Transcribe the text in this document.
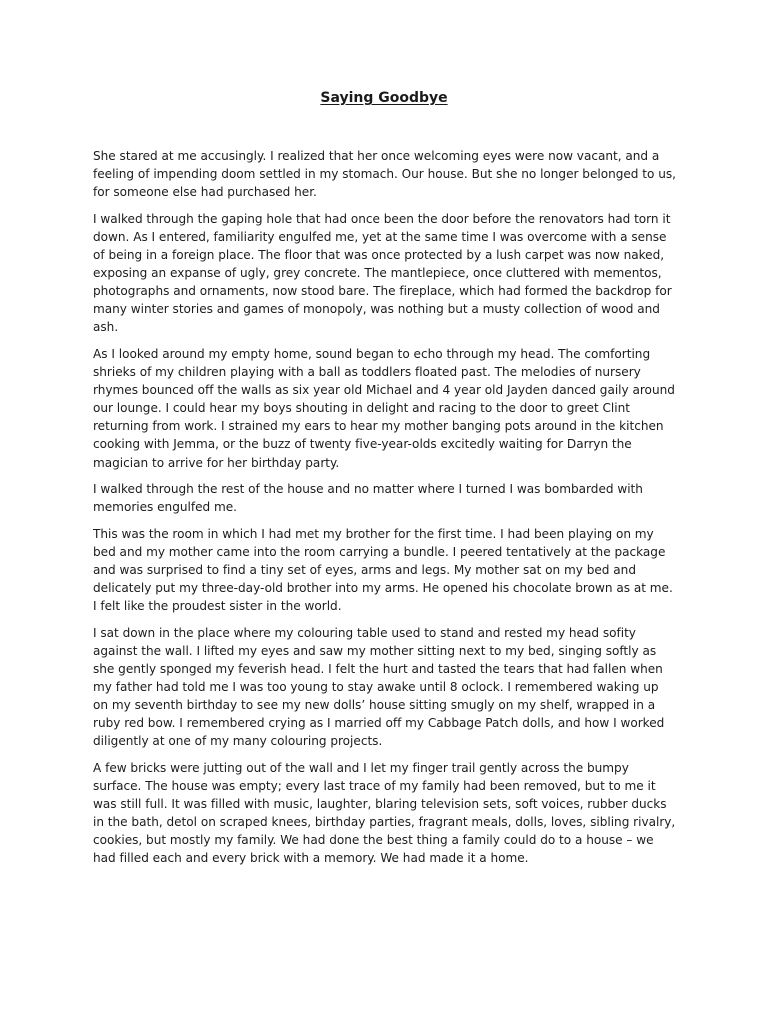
Saying Goodbye

She stared at me accusingly. I realized that her once welcoming eyes were now vacant, and a feeling of impending doom settled in my stomach. Our house. But she no longer belonged to us, for someone else had purchased her.

I walked through the gaping hole that had once been the door before the renovators had torn it down. As I entered, familiarity engulfed me, yet at the same time I was overcome with a sense of being in a foreign place. The floor that was once protected by a lush carpet was now naked, exposing an expanse of ugly, grey concrete. The mantlepiece, once cluttered with mementos, photographs and ornaments, now stood bare. The fireplace, which had formed the backdrop for many winter stories and games of monopoly, was nothing but a musty collection of wood and ash.

As I looked around my empty home, sound began to echo through my head. The comforting shrieks of my children playing with a ball as toddlers floated past. The melodies of nursery rhymes bounced off the walls as six year old Michael and 4 year old Jayden danced gaily around our lounge. I could hear my boys shouting in delight and racing to the door to greet Clint returning from work. I strained my ears to hear my mother banging pots around in the kitchen cooking with Jemma, or the buzz of twenty five-year-olds excitedly waiting for Darryn the magician to arrive for her birthday party.

I walked through the rest of the house and no matter where I turned I was bombarded with memories engulfed me.

This was the room in which I had met my brother for the first time. I had been playing on my bed and my mother came into the room carrying a bundle. I peered tentatively at the package and was surprised to find a tiny set of eyes, arms and legs. My mother sat on my bed and delicately put my three-day-old brother into my arms. He opened his chocolate brown as at me. I felt like the proudest sister in the world.

I sat down in the place where my colouring table used to stand and rested my head sofity against the wall. I lifted my eyes and saw my mother sitting next to my bed, singing softly as she gently sponged my feverish head. I felt the hurt and tasted the tears that had fallen when my father had told me I was too young to stay awake until 8 oclock. I remembered waking up on my seventh birthday to see my new dolls’ house sitting smugly on my shelf, wrapped in a ruby red bow. I remembered crying as I married off my Cabbage Patch dolls, and how I worked diligently at one of my many colouring projects.

A few bricks were jutting out of the wall and I let my finger trail gently across the bumpy surface. The house was empty; every last trace of my family had been removed, but to me it was still full. It was filled with music, laughter, blaring television sets, soft voices, rubber ducks in the bath, detol on scraped knees, birthday parties, fragrant meals, dolls, loves, sibling rivalry, cookies, but mostly my family. We had done the best thing a family could do to a house – we had filled each and every brick with a memory. We had made it a home.
